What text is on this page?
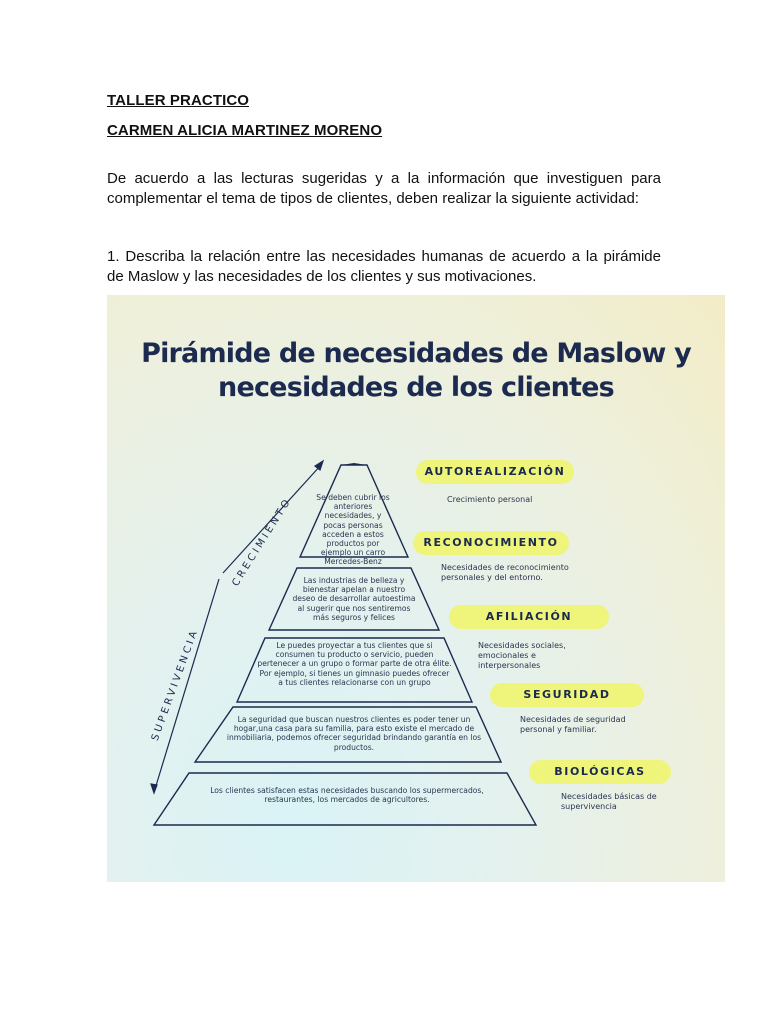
TALLER PRACTICO
CARMEN ALICIA MARTINEZ MORENO
De acuerdo a las lecturas sugeridas y a la información que investiguen para complementar el tema de tipos de clientes, deben realizar la siguiente actividad:
1. Describa la relación entre las necesidades humanas de acuerdo a la pirámide de Maslow y las necesidades de los clientes y sus motivaciones.
Pirámide de necesidades de Maslow y
necesidades de los clientes
CRECIMIENTO
SUPERVIVENCIA
Se deben cubrir los anteriores necesidades, y pocas personas acceden a estos productos por ejemplo un carro Mercedes-Benz
Las industrias de belleza y bienestar apelan a nuestro deseo de desarrollar autoestima al sugerir que nos sentiremos más seguros y felices
Le puedes proyectar a tus clientes que si consumen tu producto o servicio, pueden pertenecer a un grupo o formar parte de otra élite. Por ejemplo, si tienes un gimnasio puedes ofrecer a tus clientes relacionarse con un grupo
La seguridad que buscan nuestros clientes es poder tener un hogar,una casa para su familia, para esto existe el mercado de inmobiliaria, podemos ofrecer seguridad brindando garantía en los productos.
Los clientes satisfacen estas necesidades buscando los supermercados, restaurantes, los mercados de agricultores.
AUTOREALIZACIÓN
Crecimiento personal
RECONOCIMIENTO
Necesidades de reconocimiento personales y del entorno.
AFILIACIÓN
Necesidades sociales, emocionales e interpersonales
SEGURIDAD
Necesidades de seguridad personal y familiar.
BIOLÓGICAS
Necesidades básicas de supervivencia
